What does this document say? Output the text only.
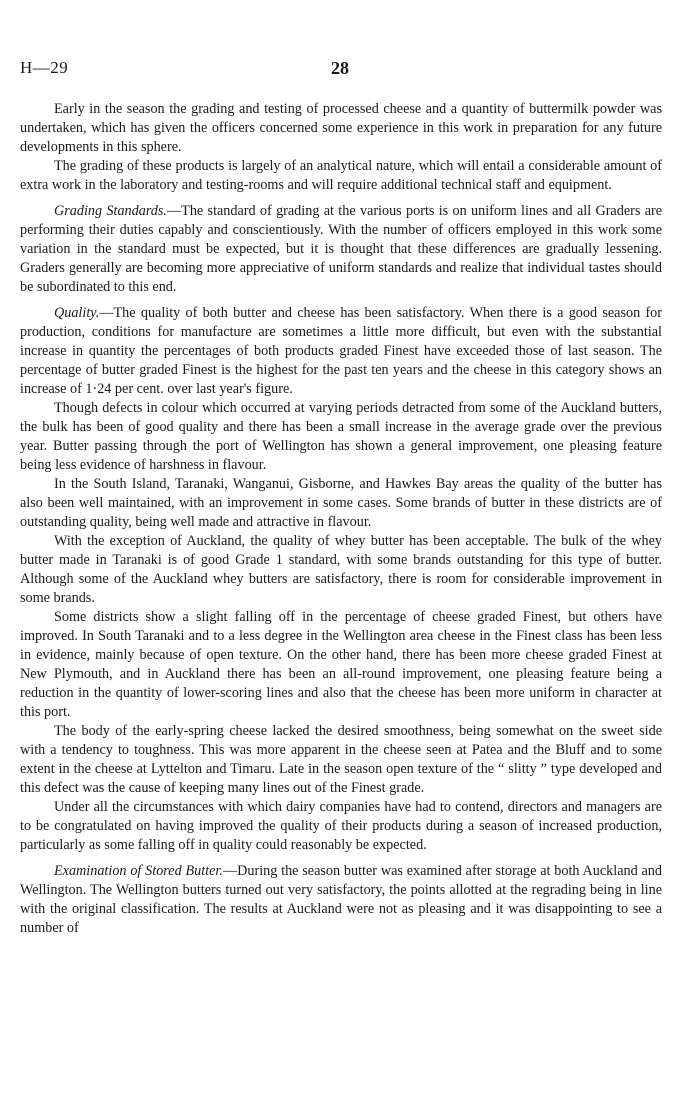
H—29	28

Early in the season the grading and testing of processed cheese and a quantity of buttermilk powder was undertaken, which has given the officers concerned some experience in this work in preparation for any future developments in this sphere.

The grading of these products is largely of an analytical nature, which will entail a considerable amount of extra work in the laboratory and testing-rooms and will require additional technical staff and equipment.

Grading Standards.—The standard of grading at the various ports is on uniform lines and all Graders are performing their duties capably and conscientiously. With the number of officers employed in this work some variation in the standard must be expected, but it is thought that these differences are gradually lessening. Graders generally are becoming more appreciative of uniform standards and realize that individual tastes should be subordinated to this end.

Quality.—The quality of both butter and cheese has been satisfactory. When there is a good season for production, conditions for manufacture are sometimes a little more difficult, but even with the substantial increase in quantity the percentages of both products graded Finest have exceeded those of last season. The percentage of butter graded Finest is the highest for the past ten years and the cheese in this category shows an increase of 1·24 per cent. over last year's figure.

Though defects in colour which occurred at varying periods detracted from some of the Auckland butters, the bulk has been of good quality and there has been a small increase in the average grade over the previous year. Butter passing through the port of Wellington has shown a general improvement, one pleasing feature being less evidence of harshness in flavour.

In the South Island, Taranaki, Wanganui, Gisborne, and Hawkes Bay areas the quality of the butter has also been well maintained, with an improvement in some cases. Some brands of butter in these districts are of outstanding quality, being well made and attractive in flavour.

With the exception of Auckland, the quality of whey butter has been acceptable. The bulk of the whey butter made in Taranaki is of good Grade 1 standard, with some brands outstanding for this type of butter. Although some of the Auckland whey butters are satisfactory, there is room for considerable improvement in some brands.

Some districts show a slight falling off in the percentage of cheese graded Finest, but others have improved. In South Taranaki and to a less degree in the Wellington area cheese in the Finest class has been less in evidence, mainly because of open texture. On the other hand, there has been more cheese graded Finest at New Plymouth, and in Auckland there has been an all-round improvement, one pleasing feature being a reduction in the quantity of lower-scoring lines and also that the cheese has been more uniform in character at this port.

The body of the early-spring cheese lacked the desired smoothness, being somewhat on the sweet side with a tendency to toughness. This was more apparent in the cheese seen at Patea and the Bluff and to some extent in the cheese at Lyttelton and Timaru. Late in the season open texture of the “ slitty ” type developed and this defect was the cause of keeping many lines out of the Finest grade.

Under all the circumstances with which dairy companies have had to contend, directors and managers are to be congratulated on having improved the quality of their products during a season of increased production, particularly as some falling off in quality could reasonably be expected.

Examination of Stored Butter.—During the season butter was examined after storage at both Auckland and Wellington. The Wellington butters turned out very satisfactory, the points allotted at the regrading being in line with the original classification. The results at Auckland were not as pleasing and it was disappointing to see a number of
